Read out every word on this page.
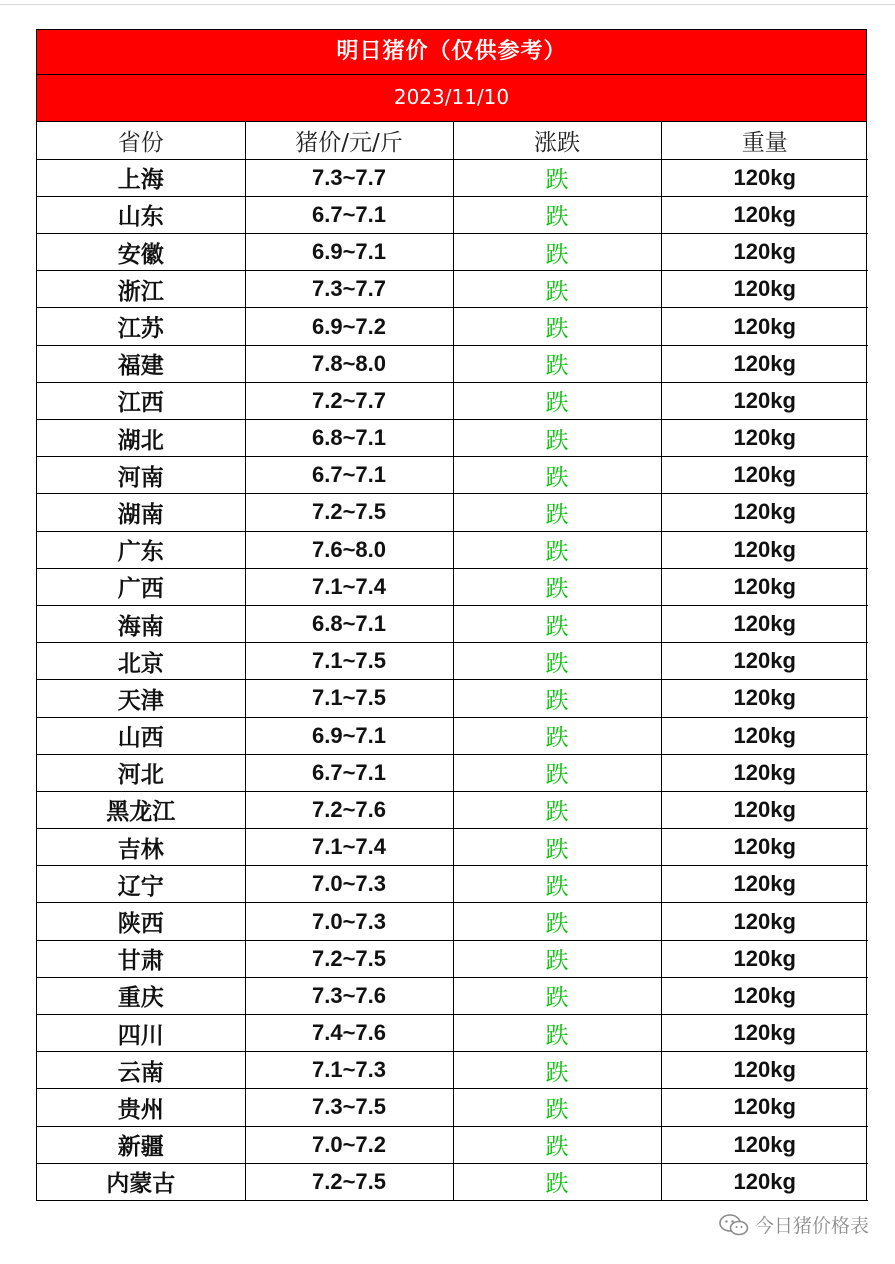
明日猪价（仅供参考）
2023/11/10
省份	猪价/元/斤	涨跌	重量
上海	7.3~7.7	跌	120kg
山东	6.7~7.1	跌	120kg
安徽	6.9~7.1	跌	120kg
浙江	7.3~7.7	跌	120kg
江苏	6.9~7.2	跌	120kg
福建	7.8~8.0	跌	120kg
江西	7.2~7.7	跌	120kg
湖北	6.8~7.1	跌	120kg
河南	6.7~7.1	跌	120kg
湖南	7.2~7.5	跌	120kg
广东	7.6~8.0	跌	120kg
广西	7.1~7.4	跌	120kg
海南	6.8~7.1	跌	120kg
北京	7.1~7.5	跌	120kg
天津	7.1~7.5	跌	120kg
山西	6.9~7.1	跌	120kg
河北	6.7~7.1	跌	120kg
黑龙江	7.2~7.6	跌	120kg
吉林	7.1~7.4	跌	120kg
辽宁	7.0~7.3	跌	120kg
陕西	7.0~7.3	跌	120kg
甘肃	7.2~7.5	跌	120kg
重庆	7.3~7.6	跌	120kg
四川	7.4~7.6	跌	120kg
云南	7.1~7.3	跌	120kg
贵州	7.3~7.5	跌	120kg
新疆	7.0~7.2	跌	120kg
内蒙古	7.2~7.5	跌	120kg
今日猪价格表
